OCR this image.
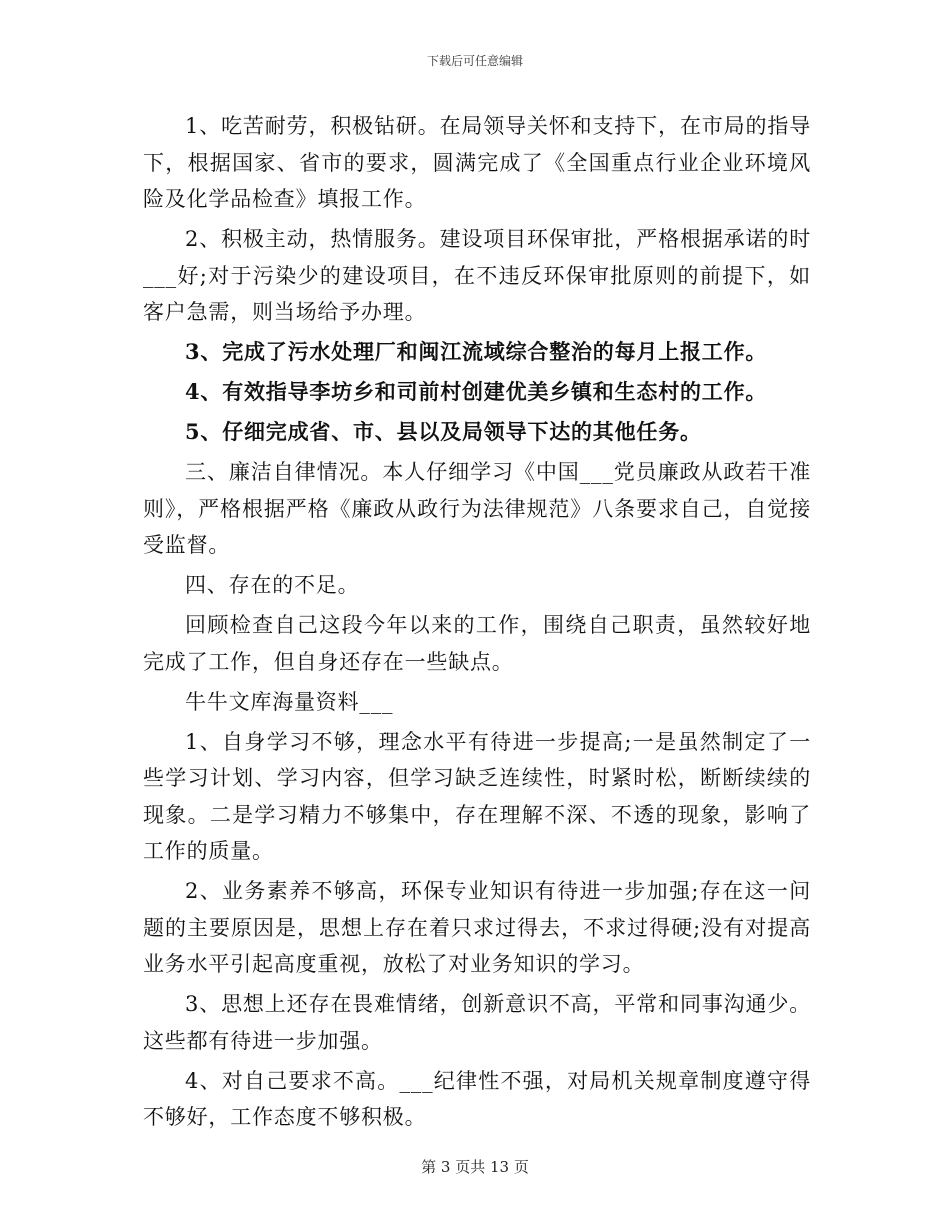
下载后可任意编辑

1、吃苦耐劳，积极钻研。在局领导关怀和支持下，在市局的指导下，根据国家、省市的要求，圆满完成了《全国重点行业企业环境风险及化学品检查》填报工作。

2、积极主动，热情服务。建设项目环保审批，严格根据承诺的时___好;对于污染少的建设项目，在不违反环保审批原则的前提下，如客户急需，则当场给予办理。

3、完成了污水处理厂和闽江流域综合整治的每月上报工作。

4、有效指导李坊乡和司前村创建优美乡镇和生态村的工作。

5、仔细完成省、市、县以及局领导下达的其他任务。

三、廉洁自律情况。本人仔细学习《中国___党员廉政从政若干准则》，严格根据严格《廉政从政行为法律规范》八条要求自己，自觉接受监督。

四、存在的不足。

回顾检查自己这段今年以来的工作，围绕自己职责，虽然较好地完成了工作，但自身还存在一些缺点。

牛牛文库海量资料___

1、自身学习不够，理念水平有待进一步提高;一是虽然制定了一些学习计划、学习内容，但学习缺乏连续性，时紧时松，断断续续的现象。二是学习精力不够集中，存在理解不深、不透的现象，影响了工作的质量。

2、业务素养不够高，环保专业知识有待进一步加强;存在这一问题的主要原因是，思想上存在着只求过得去，不求过得硬;没有对提高业务水平引起高度重视，放松了对业务知识的学习。

3、思想上还存在畏难情绪，创新意识不高，平常和同事沟通少。这些都有待进一步加强。

4、对自己要求不高。___纪律性不强，对局机关规章制度遵守得不够好，工作态度不够积极。

第 3 页共 13 页
